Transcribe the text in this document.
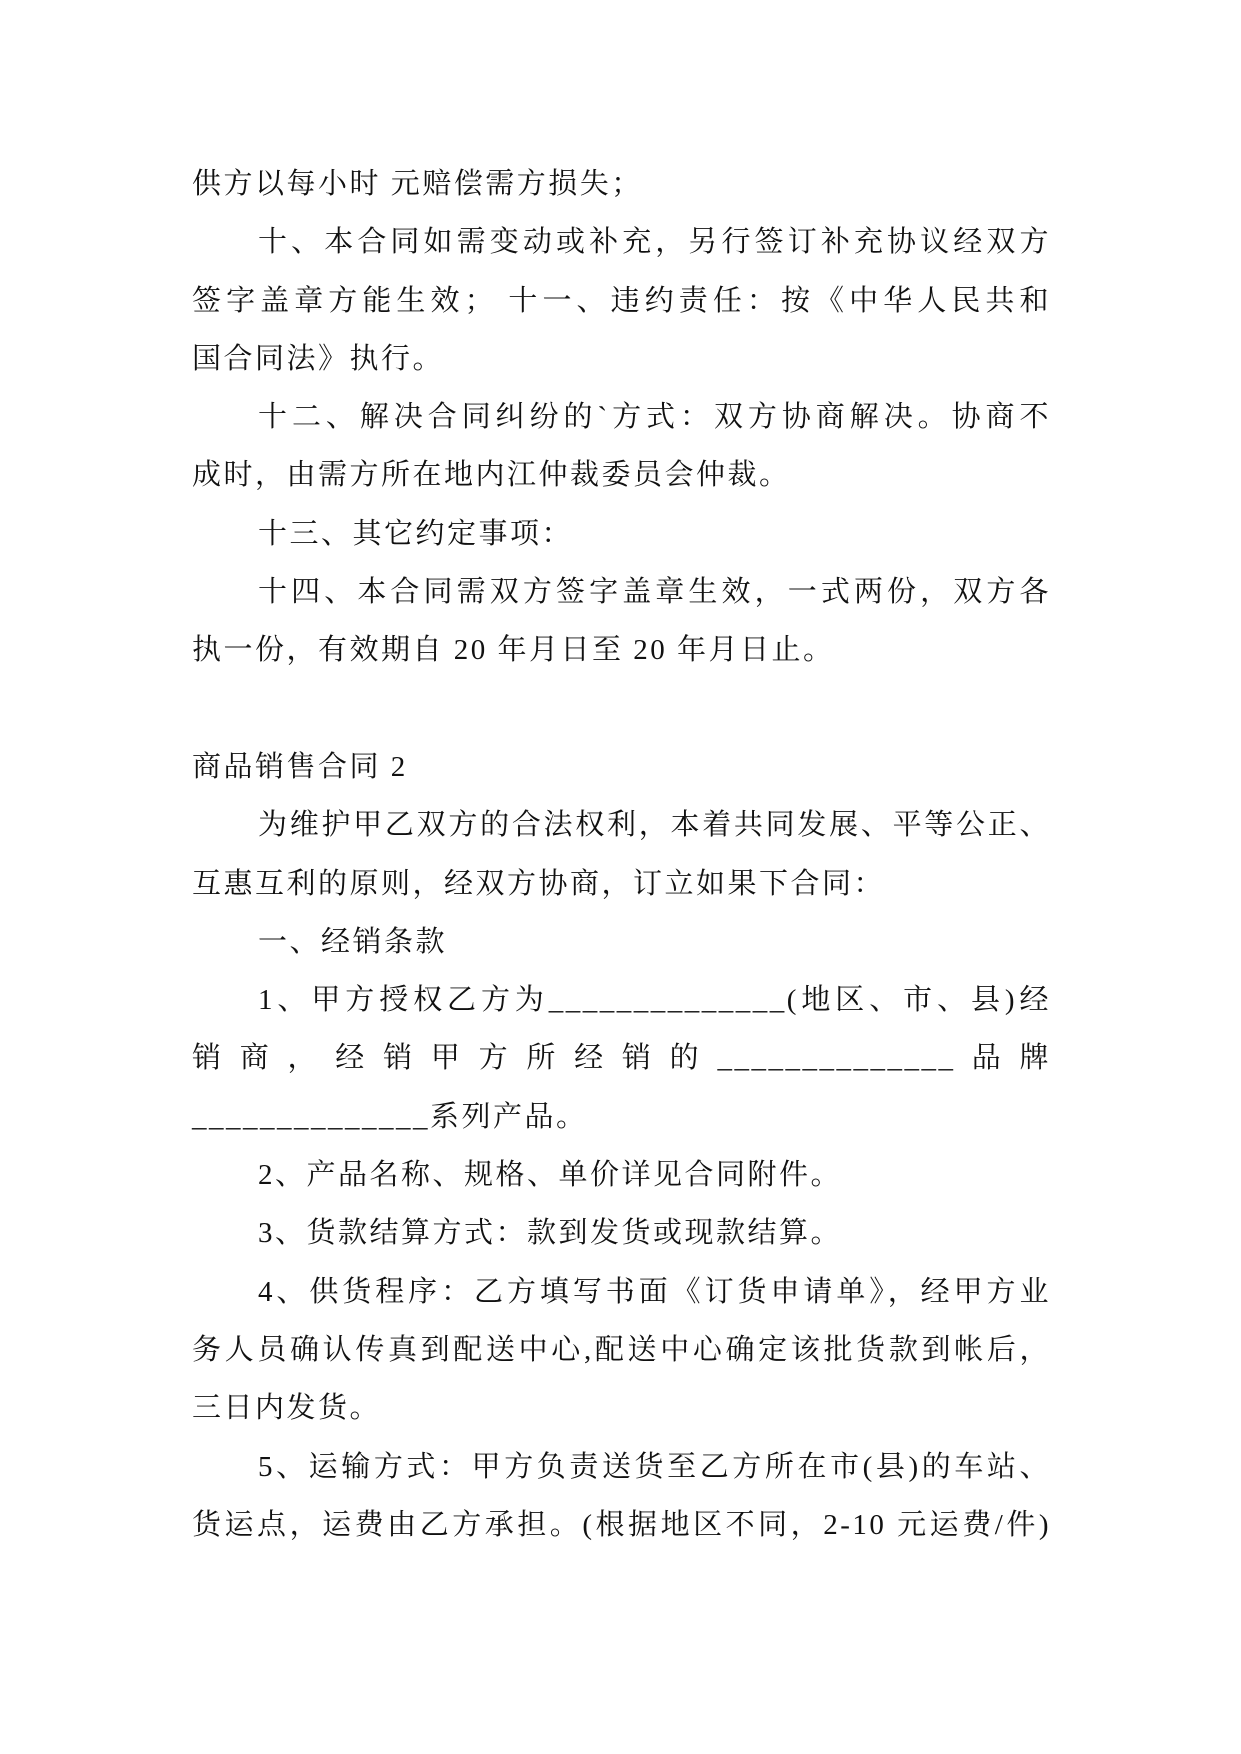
供方以每小时 元赔偿需方损失；

十、本合同如需变动或补充，另行签订补充协议经双方
签字盖章方能生效； 十一、违约责任：按《中华人民共和
国合同法》执行。

十二、解决合同纠纷的`方式：双方协商解决。协商不
成时，由需方所在地内江仲裁委员会仲裁。

十三、其它约定事项：

十四、本合同需双方签字盖章生效，一式两份，双方各
执一份，有效期自 20 年月日至 20 年月日止。

商品销售合同 2

为维护甲乙双方的合法权利，本着共同发展、平等公正、
互惠互利的原则，经双方协商，订立如果下合同：

一、经销条款

1、甲方授权乙方为______________(地区、市、县)经
销商，经销甲方所经销的______________品牌
______________系列产品。

2、产品名称、规格、单价详见合同附件。

3、货款结算方式：款到发货或现款结算。

4、供货程序：乙方填写书面《订货申请单》，经甲方业
务人员确认传真到配送中心,配送中心确定该批货款到帐后，
三日内发货。

5、运输方式：甲方负责送货至乙方所在市(县)的车站、
货运点，运费由乙方承担。(根据地区不同，2-10 元运费/件)
